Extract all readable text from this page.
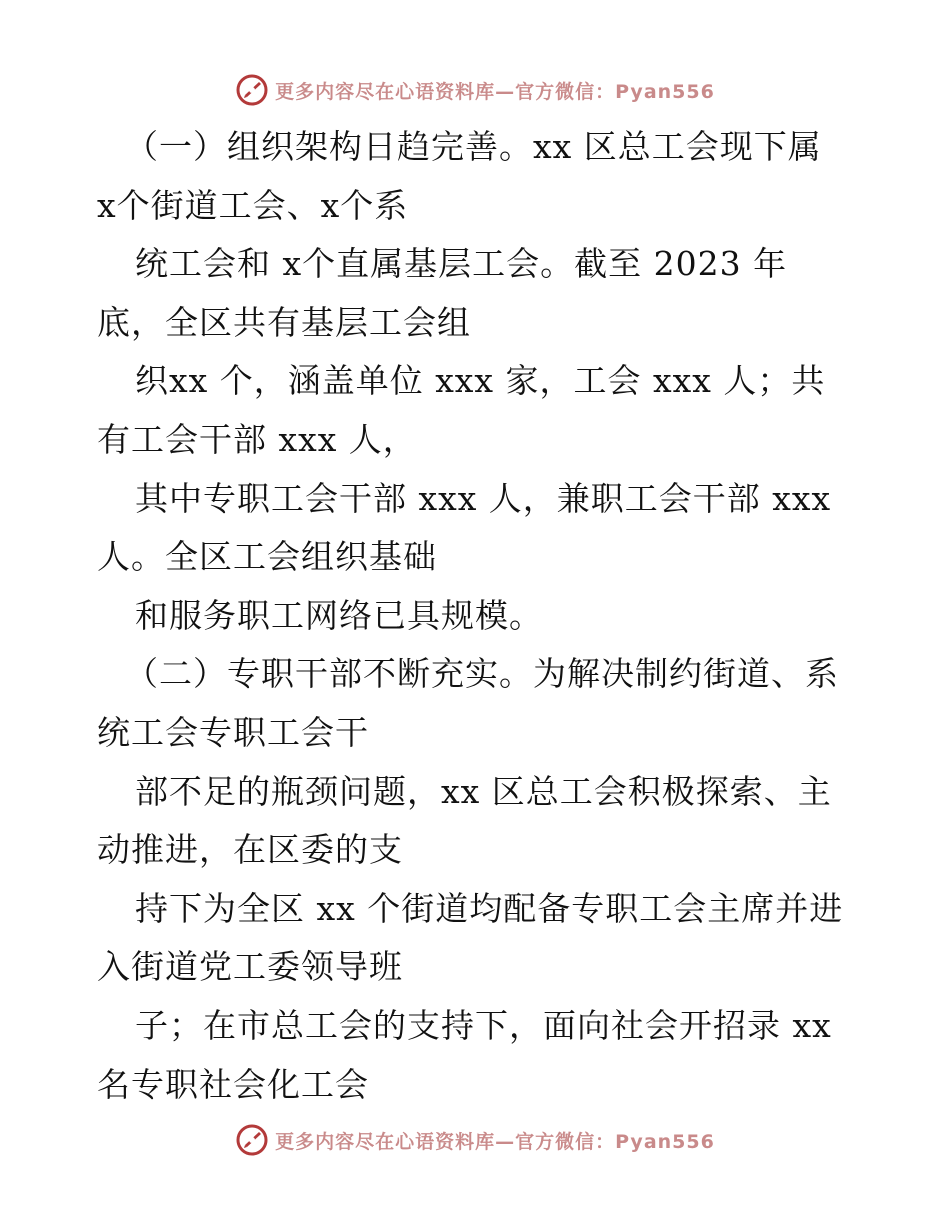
更多内容尽在心语资料库—官方微信：Pyan556
（一）组织架构日趋完善。xx 区总工会现下属
x个街道工会、x个系
统工会和 x个直属基层工会。截至 2023 年
底，全区共有基层工会组
织xx 个，涵盖单位 xxx 家，工会 xxx 人；共
有工会干部 xxx 人，
其中专职工会干部 xxx 人，兼职工会干部 xxx
人。全区工会组织基础
和服务职工网络已具规模。
（二）专职干部不断充实。为解决制约街道、系
统工会专职工会干
部不足的瓶颈问题，xx 区总工会积极探索、主
动推进，在区委的支
持下为全区 xx 个街道均配备专职工会主席并进
入街道党工委领导班
子；在市总工会的支持下，面向社会开招录 xx
名专职社会化工会
更多内容尽在心语资料库—官方微信：Pyan556
